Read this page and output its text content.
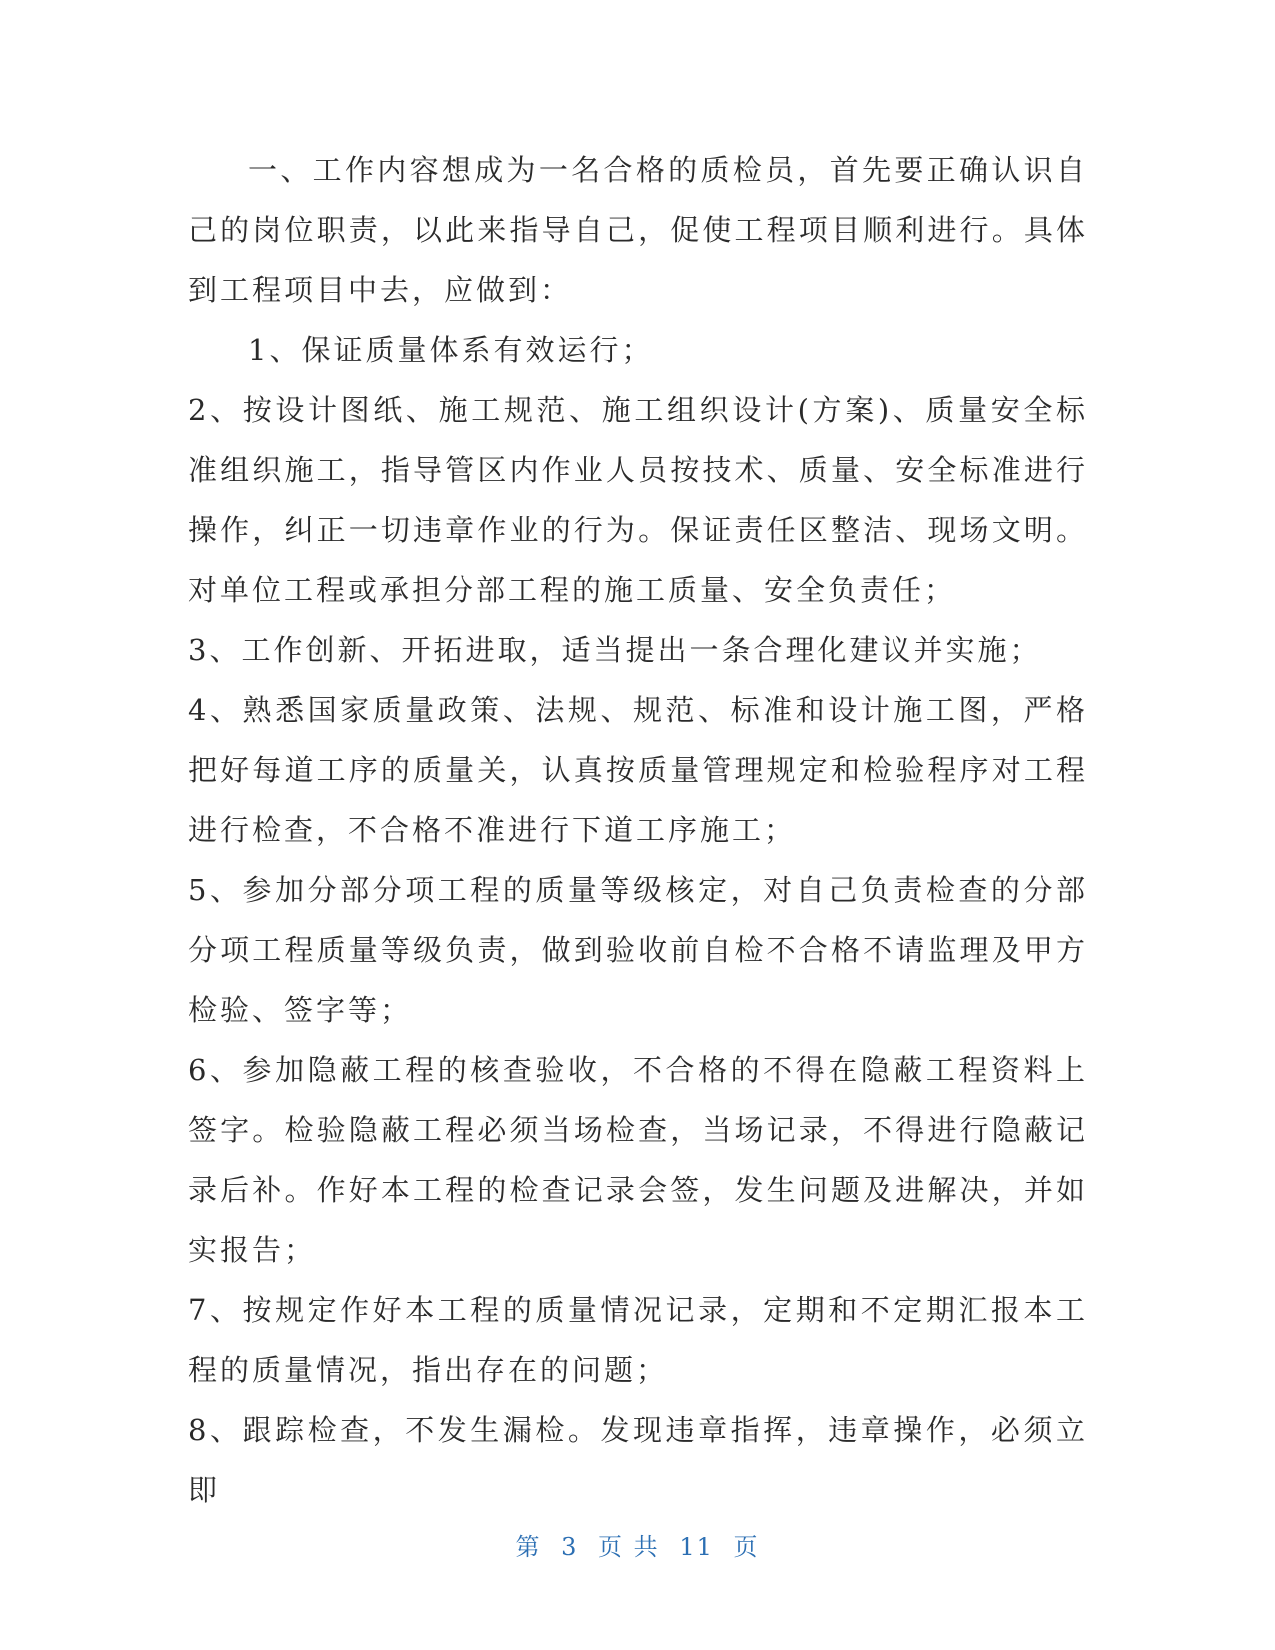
一、工作内容想成为一名合格的质检员，首先要正确认识自己的岗位职责，以此来指导自己，促使工程项目顺利进行。具体到工程项目中去，应做到：

1、保证质量体系有效运行；

2、按设计图纸、施工规范、施工组织设计(方案)、质量安全标准组织施工，指导管区内作业人员按技术、质量、安全标准进行操作，纠正一切违章作业的行为。保证责任区整洁、现场文明。对单位工程或承担分部工程的施工质量、安全负责任；

3、工作创新、开拓进取，适当提出一条合理化建议并实施；

4、熟悉国家质量政策、法规、规范、标准和设计施工图，严格把好每道工序的质量关，认真按质量管理规定和检验程序对工程进行检查，不合格不准进行下道工序施工；

5、参加分部分项工程的质量等级核定，对自己负责检查的分部分项工程质量等级负责，做到验收前自检不合格不请监理及甲方检验、签字等；

6、参加隐蔽工程的核查验收，不合格的不得在隐蔽工程资料上签字。检验隐蔽工程必须当场检查，当场记录，不得进行隐蔽记录后补。作好本工程的检查记录会签，发生问题及进解决，并如实报告；

7、按规定作好本工程的质量情况记录，定期和不定期汇报本工程的质量情况，指出存在的问题；

8、跟踪检查，不发生漏检。发现违章指挥，违章操作，必须立即

第 3 页 共 11 页
